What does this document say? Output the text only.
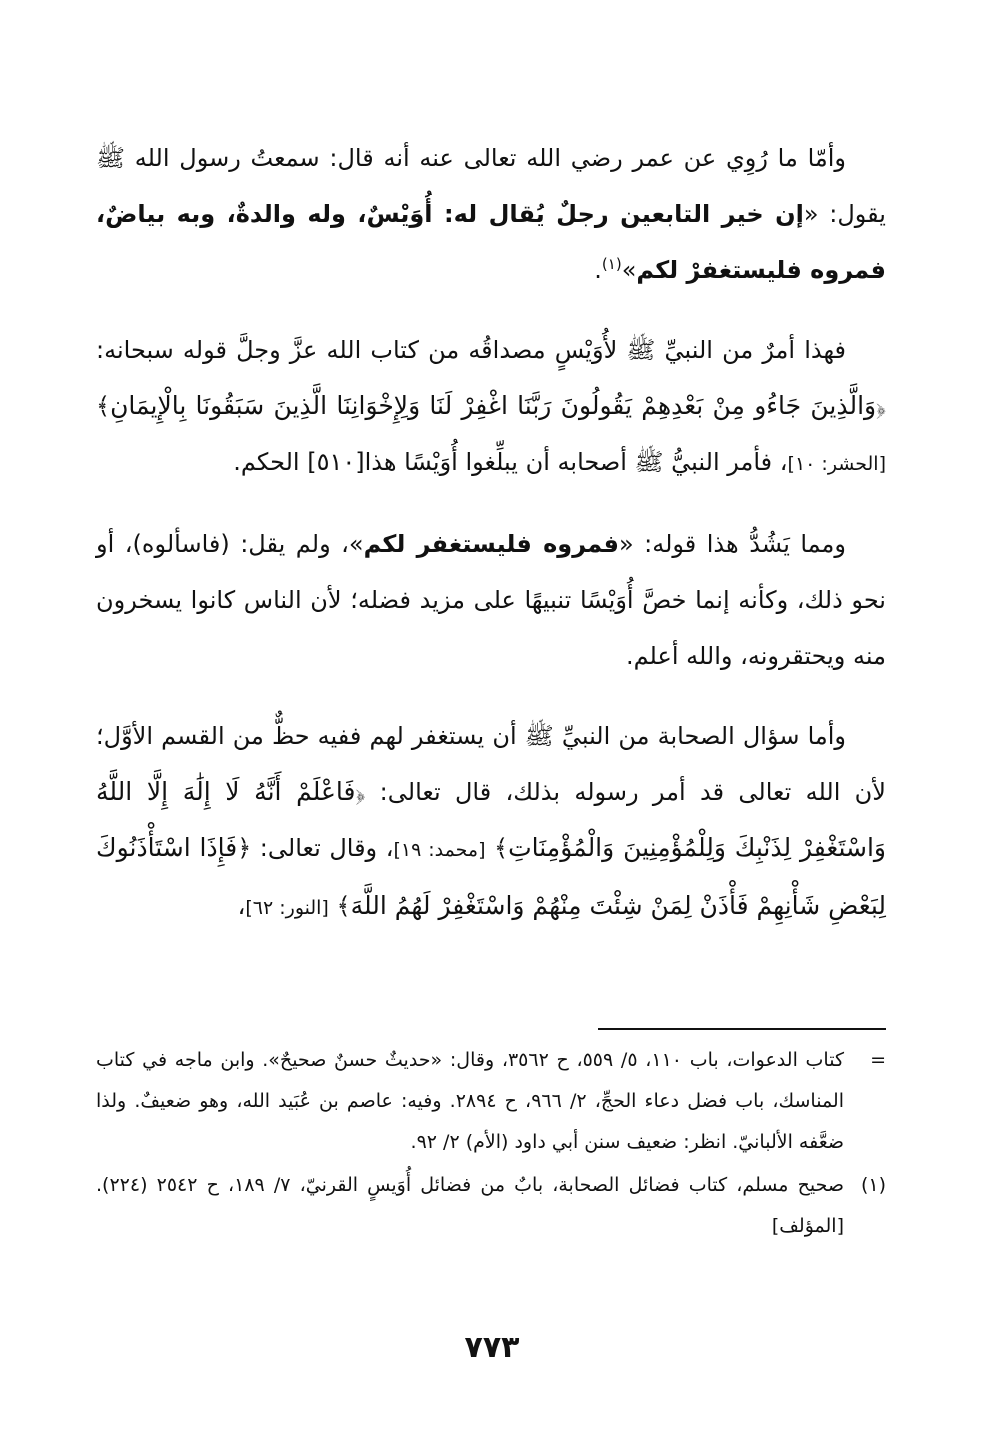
وأمّا ما رُوِي عن عمر رضي الله تعالى عنه أنه قال: سمعتُ رسول الله ﷺ يقول: «إن خير التابعين رجلٌ يُقال له: أُوَيْسٌ، وله والدةٌ، وبه بياضٌ، فمروه فليستغفرْ لكم»$^{(١)}$.

فهذا أمرٌ من النبيِّ ﷺ لأُوَيْسٍ مصداقُه من كتاب الله عزَّ وجلَّ قوله سبحانه: ﴿وَالَّذِينَ جَاءُو مِنْ بَعْدِهِمْ يَقُولُونَ رَبَّنَا اغْفِرْ لَنَا وَلِإِخْوَانِنَا الَّذِينَ سَبَقُونَا بِالْإِيمَانِ﴾ [الحشر: ١٠]، فأمر النبيُّ ﷺ أصحابه أن يبلِّغوا أُوَيْسًا هذا[٥١٠] الحكم.

ومما يَشُدُّ هذا قوله: «فمروه فليستغفر لكم»، ولم يقل: (فاسألوه)، أو نحو ذلك، وكأنه إنما خصَّ أُوَيْسًا تنبيهًا على مزيد فضله؛ لأن الناس كانوا يسخرون منه ويحتقرونه، والله أعلم.

وأما سؤال الصحابة من النبيِّ ﷺ أن يستغفر لهم ففيه حظٌّ من القسم الأوَّل؛ لأن الله تعالى قد أمر رسوله بذلك، قال تعالى: ﴿فَاعْلَمْ أَنَّهُ لَا إِلَٰهَ إِلَّا اللَّهُ وَاسْتَغْفِرْ لِذَنْبِكَ وَلِلْمُؤْمِنِينَ وَالْمُؤْمِنَاتِ﴾ [محمد: ١٩]، وقال تعالى: ﴿فَإِذَا اسْتَأْذَنُوكَ لِبَعْضِ شَأْنِهِمْ فَأْذَنْ لِمَنْ شِئْتَ مِنْهُمْ وَاسْتَغْفِرْ لَهُمُ اللَّهَ﴾ [النور: ٦٢]،

=
كتاب الدعوات، باب ١١٠، ٥/ ٥٥٩، ح ٣٥٦٢، وقال: «حديثٌ حسنٌ صحيحٌ». وابن ماجه في كتاب المناسك، باب فضل دعاء الحجِّ، ٢/ ٩٦٦، ح ٢٨٩٤. وفيه: عاصم بن عُبَيد الله، وهو ضعيفٌ. ولذا ضعَّفه الألبانيّ. انظر: ضعيف سنن أبي داود (الأم) ٢/ ٩٢.

(١)
صحيح مسلم، كتاب فضائل الصحابة، بابٌ من فضائل أُوَيسٍ القرنيّ، ٧/ ١٨٩، ح ٢٥٤٢ (٢٢٤). [المؤلف]

٧٧٣
